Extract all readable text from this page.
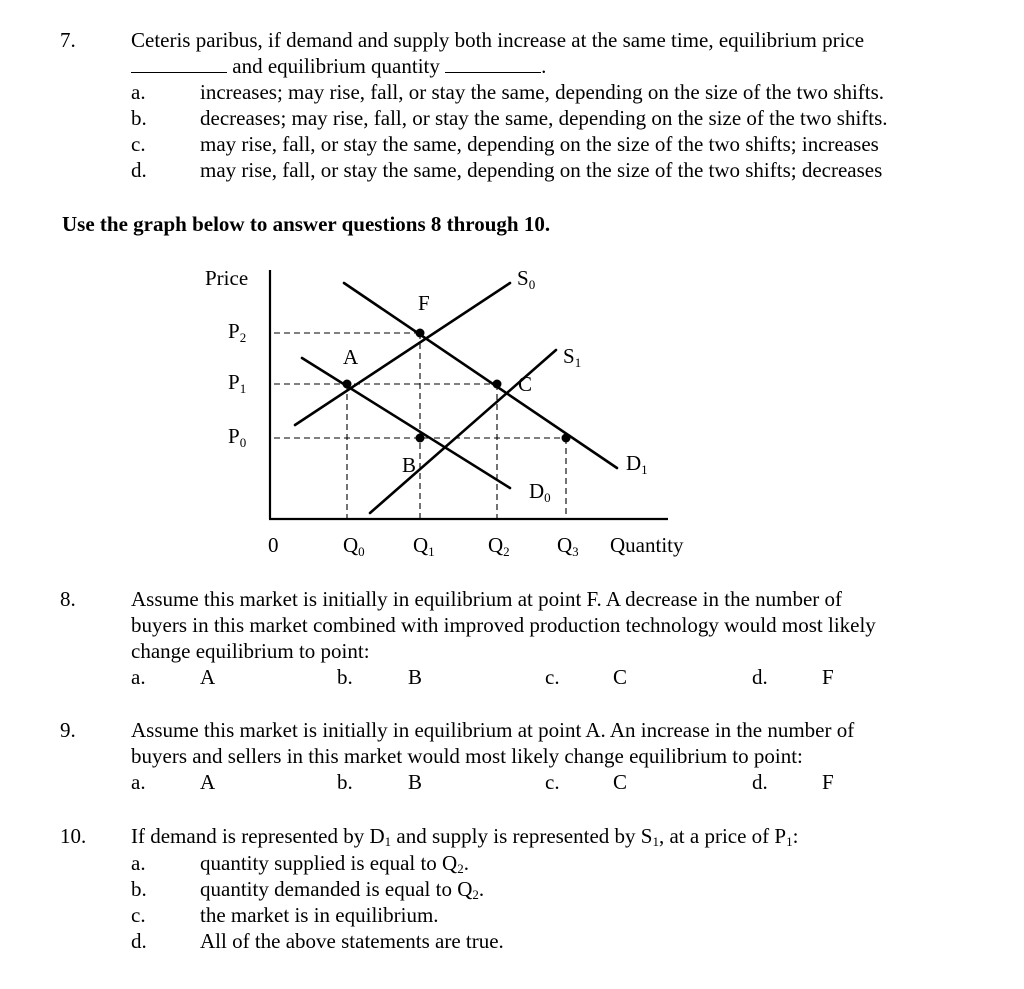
7.	Ceteris paribus, if demand and supply both increase at the same time, equilibrium price
and equilibrium quantity	.
a.	increases; may rise, fall, or stay the same, depending on the size of the two shifts.
b.	decreases; may rise, fall, or stay the same, depending on the size of the two shifts.
c.	may rise, fall, or stay the same, depending on the size of the two shifts; increases
d.	may rise, fall, or stay the same, depending on the size of the two shifts; decreases
Use the graph below to answer questions 8 through 10.
Price
Quantity
0
P2
P1
P0
Q0 Q1	Q2 Q3
S0
S1
D0
D1
F
A
B
C
8.	Assume this market is initially in equilibrium at point F. A decrease in the number of
buyers in this market combined with improved production technology would most likely
change equilibrium to point:
a.	A	b.	B	c.	C	d.	F
9.	Assume this market is initially in equilibrium at point A. An increase in the number of
buyers and sellers in this market would most likely change equilibrium to point:
a.	A	b.	B	c.	C	d.	F
10. If demand is represented by $D_1$ and supply is represented by $S_1$, at a price of $P_1$:
a.	quantity supplied is equal to $Q_2$.
b.	quantity demanded is equal to $Q_2$.
c.	the market is in equilibrium.
d.	All of the above statements are true.
